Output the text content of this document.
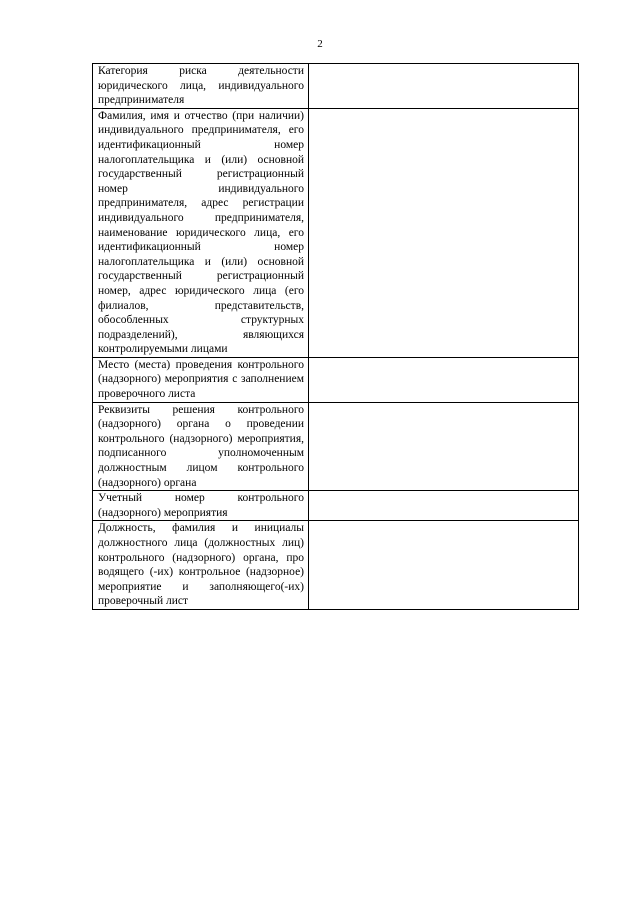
2
Категория риска деятельности юридического лица, индивидуального предпринимателя	
Фамилия, имя и отчество (при наличии) индивидуального предпринимателя, его идентификационный номер налогоплательщика и (или) основной государственный регистрационный номер индивидуального предпринимателя, адрес регистрации индивидуального предпринимателя, наименование юридического лица, его идентификационный номер налогоплательщика и (или) основной государственный регистрационный номер, адрес юридического лица (его филиалов, представительств, обособленных структурных подразделений), являющихся контролируемыми лицами	
Место (места) проведения контрольного (надзорного) мероприятия с заполнением проверочного листа	
Реквизиты решения контрольного (надзорного) органа о проведении контрольного (надзорного) мероприятия, подписанного уполномоченным должностным лицом контрольного (надзорного) органа	
Учетный номер контрольного (надзорного) мероприятия	
Должность, фамилия и инициалы должностного лица (должностных лиц) контрольного (надзорного) органа, про водящего (-их) контрольное (надзорное) мероприятие и заполняющего(-их) проверочный лист	
